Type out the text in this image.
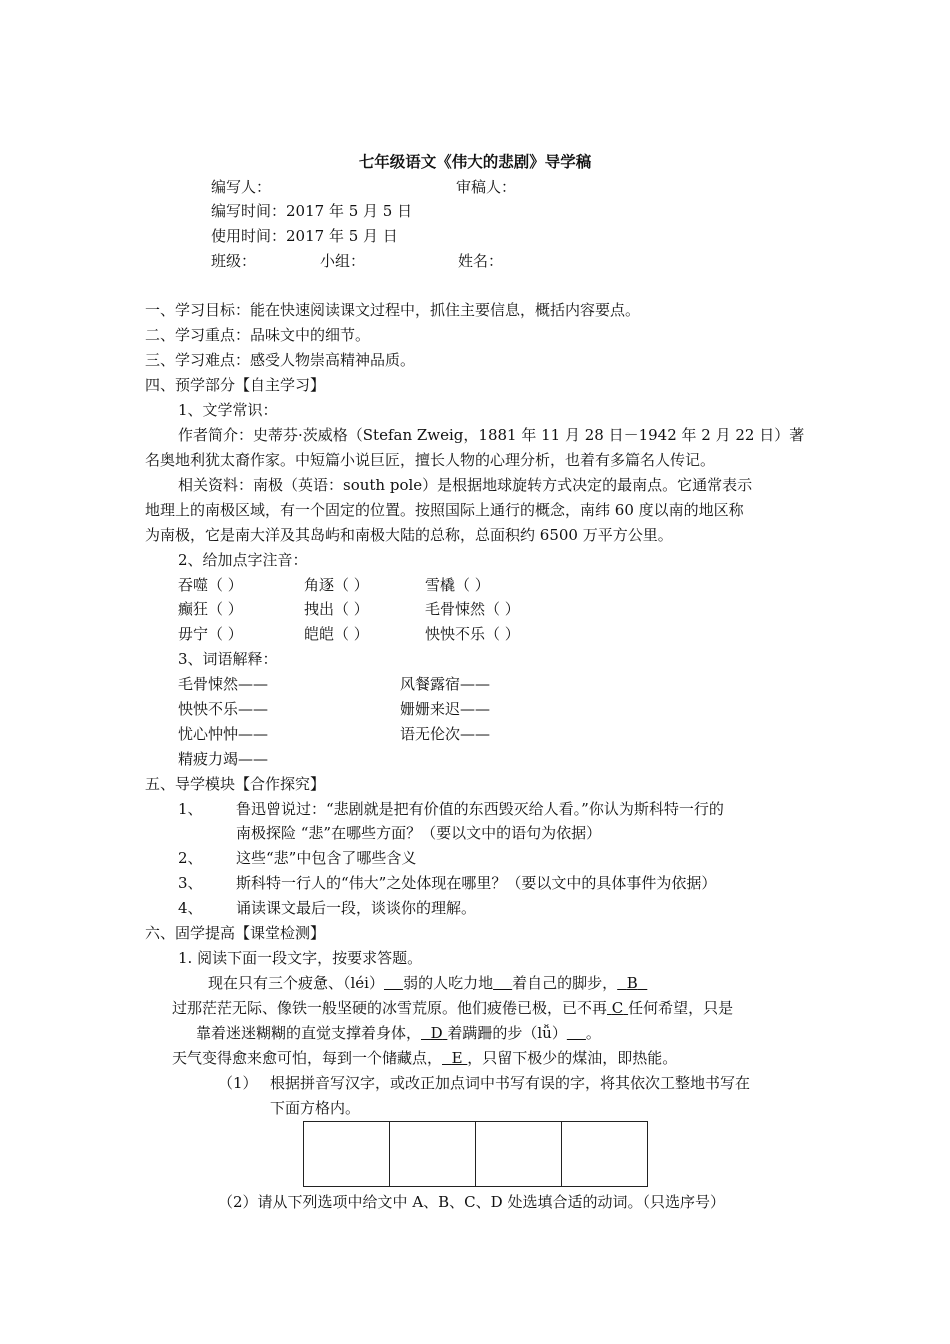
七年级语文《伟大的悲剧》导学稿
编写人：	审稿人：
编写时间：2017 年 5 月 5 日
使用时间：2017 年 5 月 日
班级：	小组：	姓名：
一、学习目标：能在快速阅读课文过程中，抓住主要信息，概括内容要点。
二、学习重点：品味文中的细节。
三、学习难点：感受人物崇高精神品质。
四、预学部分【自主学习】
1、文学常识：
作者简介：史蒂芬·茨威格（Stefan Zweig，1881 年 11 月 28 日－1942 年 2 月 22 日）著
名奥地利犹太裔作家。中短篇小说巨匠，擅长人物的心理分析，也着有多篇名人传记。
相关资料：南极（英语：south pole）是根据地球旋转方式决定的最南点。它通常表示
地理上的南极区域，有一个固定的位置。按照国际上通行的概念，南纬 60 度以南的地区称
为南极，它是南大洋及其岛屿和南极大陆的总称，总面积约 6500 万平方公里。
2、给加点字注音：
吞噬（ ）	角逐（ ）	雪橇（ ）
癫狂（ ）	拽出（ ）	毛骨悚然（ ）
毋宁（ ）	皑皑（ ）	怏怏不乐（ ）
3、词语解释：
毛骨悚然——	风餐露宿——
怏怏不乐——	姗姗来迟——
忧心忡忡——	语无伦次——
精疲力竭——
五、导学模块【合作探究】
1、 鲁迅曾说过：“悲剧就是把有价值的东西毁灭给人看。”你认为斯科特一行的
南极探险 “悲”在哪些方面？（要以文中的语句为依据）
2、 这些“悲”中包含了哪些含义
3、 斯科特一行人的“伟大”之处体现在哪里？（要以文中的具体事件为依据）
4、 诵读课文最后一段，谈谈你的理解。
六、固学提高【课堂检测】
1. 阅读下面一段文字，按要求答题。
现在只有三个疲惫、（léi） 弱的人吃力地 着自己的脚步， B
过那茫茫无际、像铁一般坚硬的冰雪荒原。他们疲倦已极，已不再 C 任何希望，只是
靠着迷迷糊糊的直觉支撑着身体， D 着蹒跚的步（lǚ） 。
天气变得愈来愈可怕，每到一个储藏点， E ，只留下极少的煤油，即热能。
（1） 根据拼音写汉字，或改正加点词中书写有误的字，将其依次工整地书写在
下面方格内。
（2）请从下列选项中给文中 A、B、C、D 处选填合适的动词。（只选序号）
